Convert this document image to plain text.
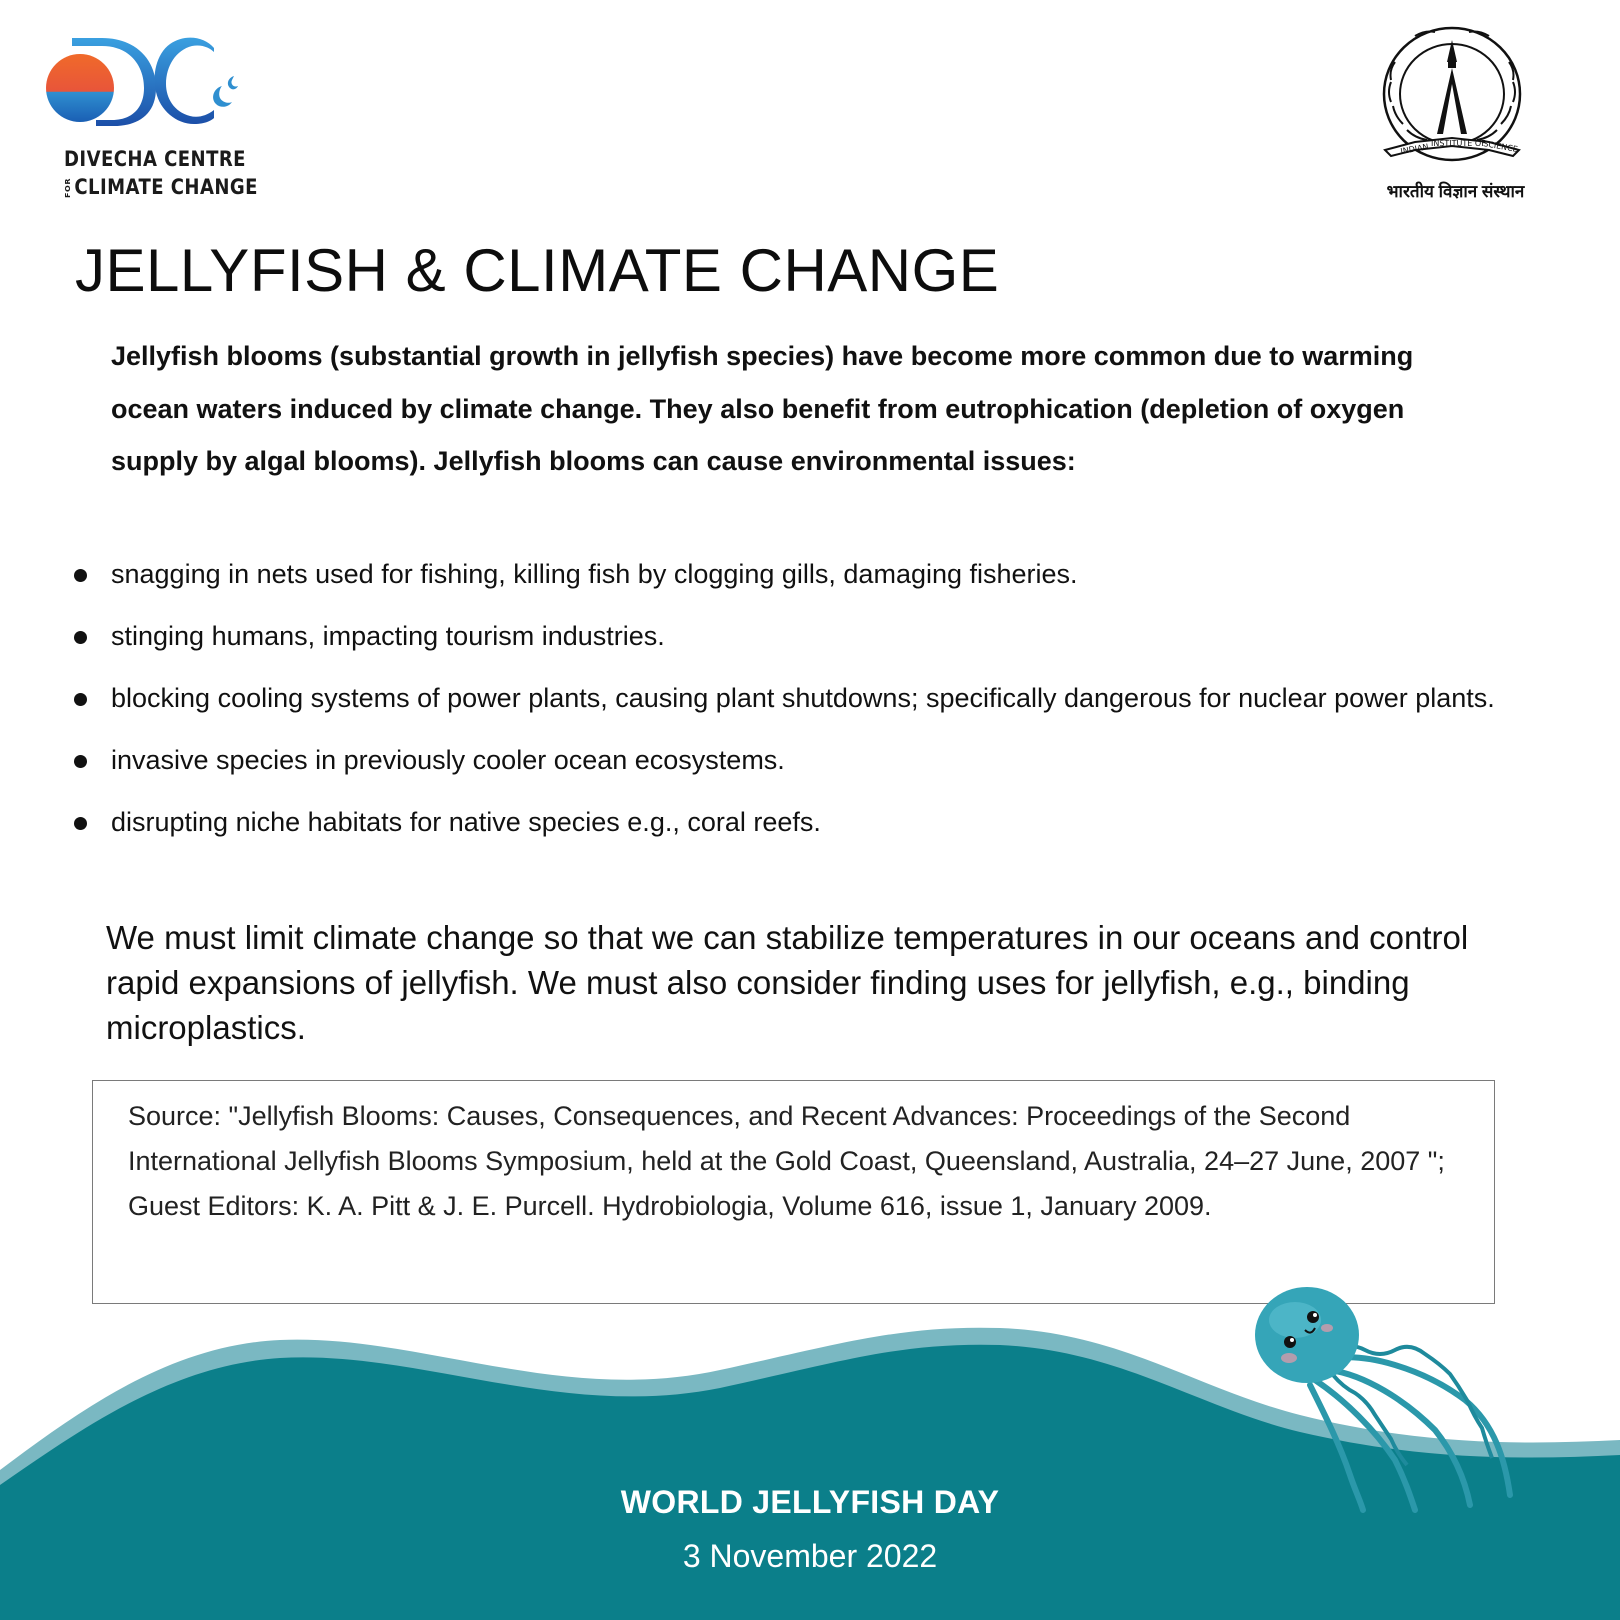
DIVECHA CENTRE
FOR CLIMATE CHANGE
INDIAN INSTITUTE OF
SCIENCE
भारतीय विज्ञान संस्थान
JELLYFISH & CLIMATE CHANGE
Jellyfish blooms (substantial growth in jellyfish species) have become more common due to warming ocean waters induced by climate change. They also benefit from eutrophication (depletion of oxygen supply by algal blooms). Jellyfish blooms can cause environmental issues:
snagging in nets used for fishing, killing fish by clogging gills, damaging fisheries.
stinging humans, impacting tourism industries.
blocking cooling systems of power plants, causing plant shutdowns; specifically dangerous for nuclear power plants.
invasive species in previously cooler ocean ecosystems.
disrupting niche habitats for native species e.g., coral reefs.
We must limit climate change so that we can stabilize temperatures in our oceans and control rapid expansions of jellyfish. We must also consider finding uses for jellyfish, e.g., binding microplastics.
Source: "Jellyfish Blooms: Causes, Consequences, and Recent Advances: Proceedings of the Second International Jellyfish Blooms Symposium, held at the Gold Coast, Queensland, Australia, 24–27 June, 2007 "; Guest Editors: K. A. Pitt & J. E. Purcell. Hydrobiologia, Volume 616, issue 1, January 2009.
WORLD JELLYFISH DAY
3 November 2022
